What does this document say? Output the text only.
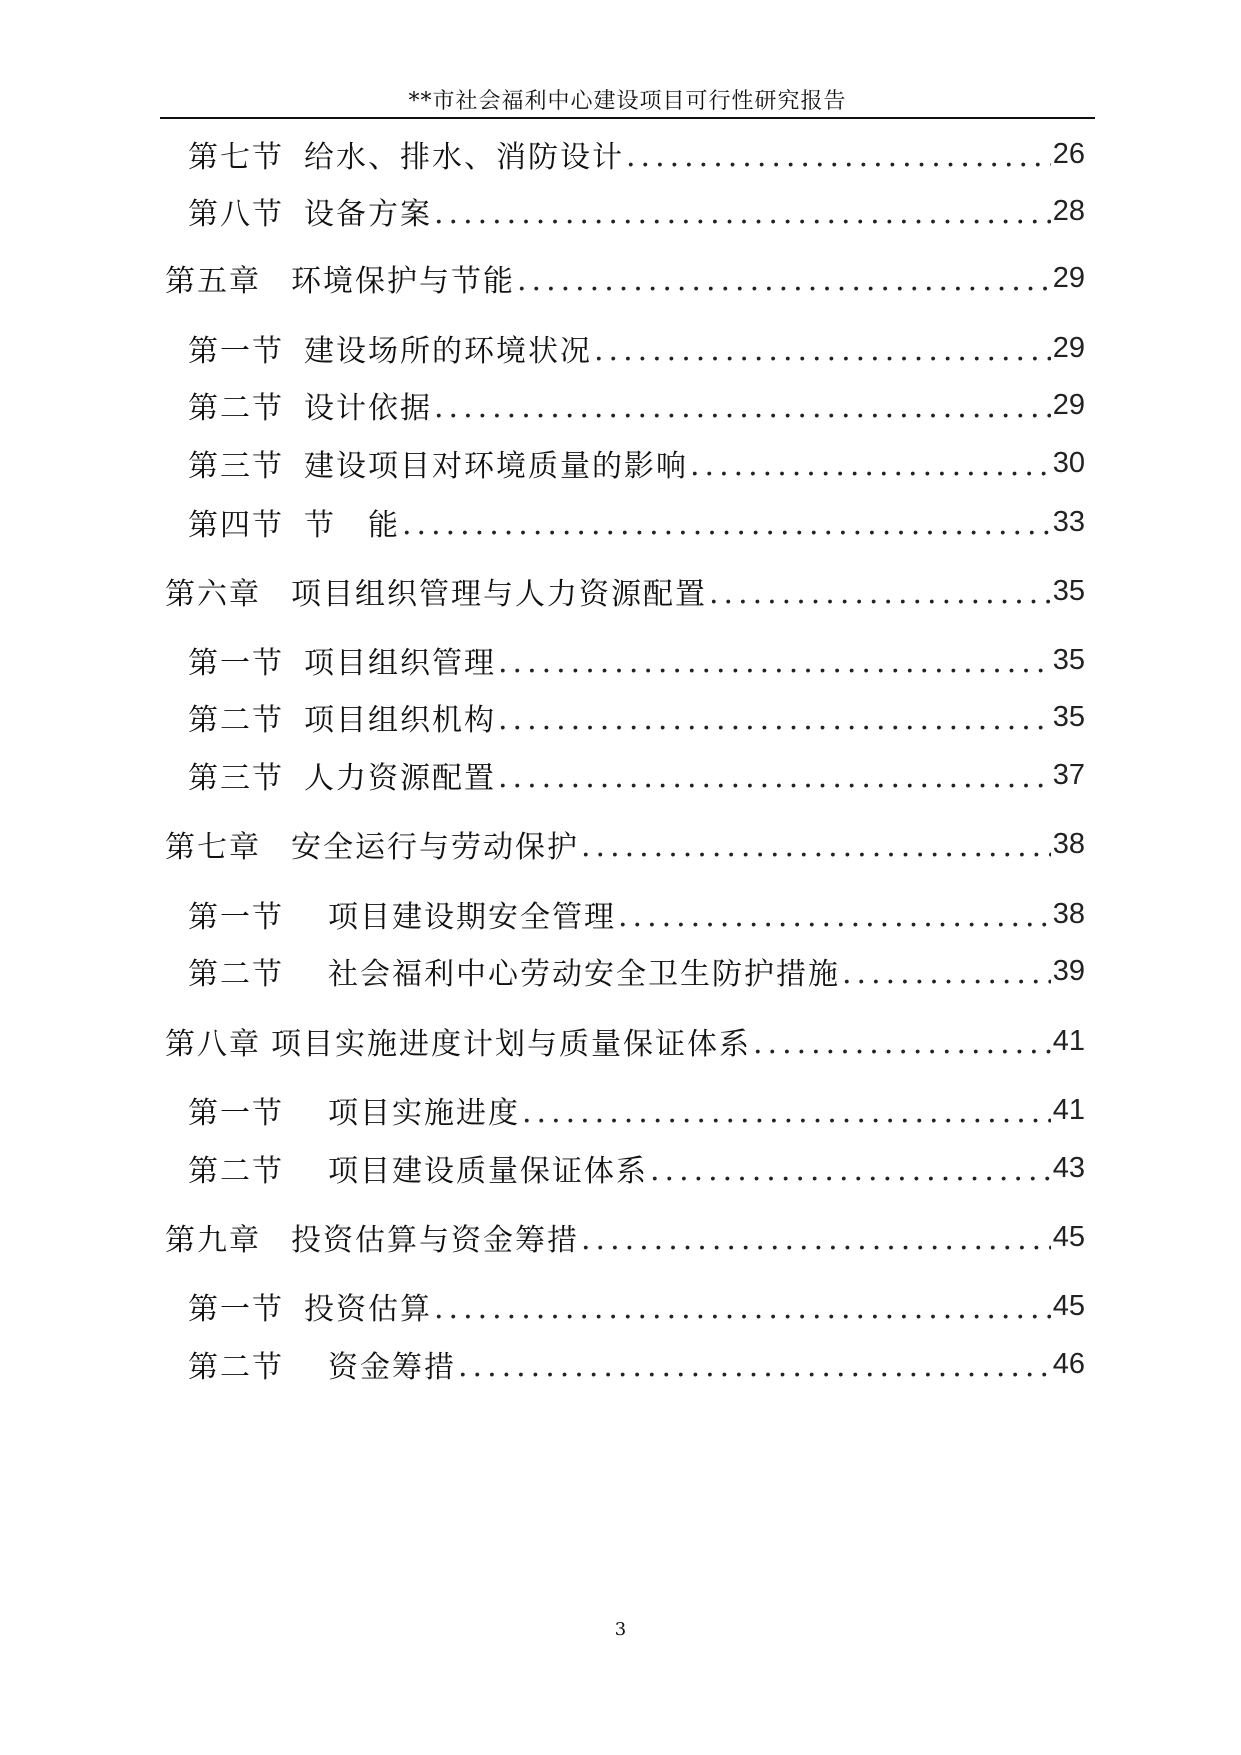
**市社会福利中心建设项目可行性研究报告
第七节 给水、排水、消防设计 .....	26
第八节 设备方案 .....	28
第五章 环境保护与节能 .....	29
第一节 建设场所的环境状况 .....	29
第二节 设计依据 .....	29
第三节 建设项目对环境质量的影响 .....	30
第四节 节　能 .....	33
第六章 项目组织管理与人力资源配置 .....	35
第一节 项目组织管理 .....	35
第二节 项目组织机构 .....	35
第三节 人力资源配置 .....	37
第七章 安全运行与劳动保护 .....	38
第一节 项目建设期安全管理 .....	38
第二节 社会福利中心劳动安全卫生防护措施 .....	39
第八章 项目实施进度计划与质量保证体系 .....	41
第一节 项目实施进度 .....	41
第二节 项目建设质量保证体系 .....	43
第九章 投资估算与资金筹措 .....	45
第一节 投资估算 .....	45
第二节 资金筹措 .....	46
3
